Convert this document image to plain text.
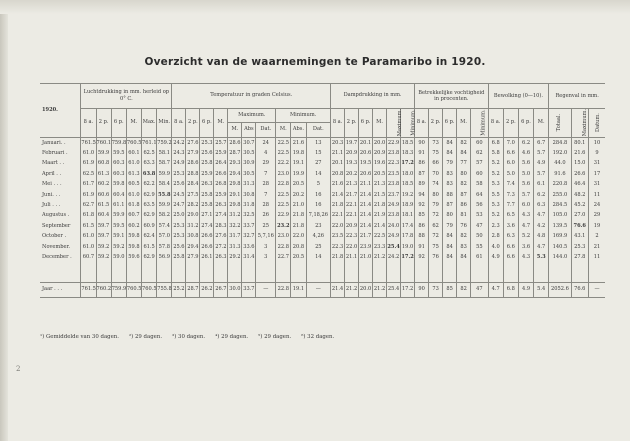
Overzicht van de waarnemingen te Paramaribo in 1920.
1920.	Luchtdrukking in mm. herleid op 0° C.						Temperatuur in graden Celsius.										Dampdrukking in mm.						Betrekkelijke vochtigheid in procenten.					Bewolking (0—10).				Regenval in mm.		
	8 a.	2 p.	6 p.	M.	Max.	Min.	8 a.	2 p.	6 p.	M.	Maximum.			Minimum.			8 a.	2 p.	6 p.	M.	Maximum.	Minimum.	8 a.	2 p.	6 p.	M.	Minimum.	8 a.	2 p.	6 p.	M.	Totaal.	Maximum.	Datum.
											M.	Abs	Dat.	M.	Abs.	Dat.																		
Januari. .	761.5	760.1	759.8	760.5	761.1	759.2	24.2	27.6	25.3	25.7	28.6	30.7	24	22.5	21.6	13	20.3	19.7	20.1	20.0	22.9	18.5	90	73	84	82	60	6.8	7.0	6.2	6.7	284.8	80.1	10
Februari .	61.0	59.9	59.5	60.1	62.5	58.1	24.3	27.9	25.6	25.9	28.7	30.5	4	22.5	19.8	15	21.1	20.9	20.6	20.9	23.8	18.3	91	75	84	84	62	5.8	6.6	4.6	5.7	192.0	21.6	9
Maart . .	61.9	60.8	60.3	61.0	63.3	58.7	24.9	28.6	25.8	26.4	29.3	30.9	29	22.2	19.1	27	20.1	19.3	19.5	19.6	22.3	17.2	86	66	79	77	57	5.2	6.0	5.6	4.9	44.0	15.0	31
April . .	62.5	61.3	60.3	61.3	63.8	59.9	25.3	28.8	25.9	26.6	29.4	30.5	7	23.0	19.9	14	20.8	20.2	20.6	20.5	23.5	18.0	87	70	83	80	60	5.2	5.0	5.0	5.7	91.6	26.6	17
Mei . . .	61.7	60.2	59.8	60.5	62.2	58.4	25.6	28.4	26.3	26.8	29.8	31.3	28	22.8	20.5	5	21.6	21.3	21.1	21.3	23.8	18.5	89	74	83	82	58	5.3	7.4	5.6	6.1	220.8	46.4	31
Juni. . .	61.9	60.6	60.4	61.0	62.9	55.8	24.5	27.5	25.8	25.9	29.1	30.8	7	22.5	20.2	16	21.4	21.7	21.4	21.5	23.7	19.2	94	80	88	87	64	5.5	7.3	5.7	6.2	255.0	48.2	11
Juli . . .	62.7	61.5	61.1	61.8	63.5	59.9	24.7	28.2	25.8	26.3	29.8	31.8	28	22.5	21.0	16	21.8	22.1	21.4	21.8	24.9	18.9	92	79	87	86	56	5.3	7.7	6.0	6.3	284.5	45.2	24
Augustus .	61.8	60.4	59.9	60.7	62.9	58.2	25.0	29.0	27.1	27.4	31.2	32.5	26	22.9	21.8	7,18,26	22.1	22.1	21.4	21.9	23.8	18.1	85	72	80	81	53	5.2	6.5	4.3	4.7	105.0	27.0	29
September	61.5	59.7	59.5	60.2	60.9	57.4	25.3	31.2	27.4	28.3	32.2	33.7	25	23.2	21.8	23	22.0	20.9	21.4	21.4	24.0	17.4	86	62	79	76	47	2.3	3.6	4.7	4.2	139.5	76.6	19
October .	61.0	59.7	59.1	59.8	62.4	57.0	25.3	30.8	26.6	27.6	31.7	32.7	5,7,16	23.0	22.0	4,26	23.5	22.3	21.7	22.5	24.9	17.8	88	72	84	82	50	2.8	6.3	5.2	4.8	169.9	43.1	2
November.	61.0	59.2	59.2	59.8	61.5	57.8	25.6	29.4	26.6	27.2	31.3	33.6	3	22.8	20.8	25	22.3	22.0	23.9	23.3	25.4	19.0	91	75	84	83	55	4.0	6.6	3.6	4.7	140.5	25.3	21
December .	60.7	59.2	59.0	59.6	62.9	56.9	25.8	27.9	26.1	26.3	29.2	31.4	3	22.7	20.5	14	21.8	21.1	21.0	21.2	24.2	17.2	92	76	84	84	61	4.9	6.6	4.3	5.3	144.0	27.8	11

Jaar . . .	761.5	760.2	759.9	760.5	760.5	755.8	25.2	28.7	26.2	26.7	30.0	33.7	—	22.8	19.1	—	21.4	21.2	20.0	21.2	25.4	17.2	90	73	85	82	47	4.7	6.8	4.9	5.4	2052.6	76.6	—
¹) Gemiddelde van 30 dagen. ²) 29 dagen. ³) 30 dagen. ⁴) 29 dagen. ⁵) 29 dagen. ⁶) 32 dagen.
2
